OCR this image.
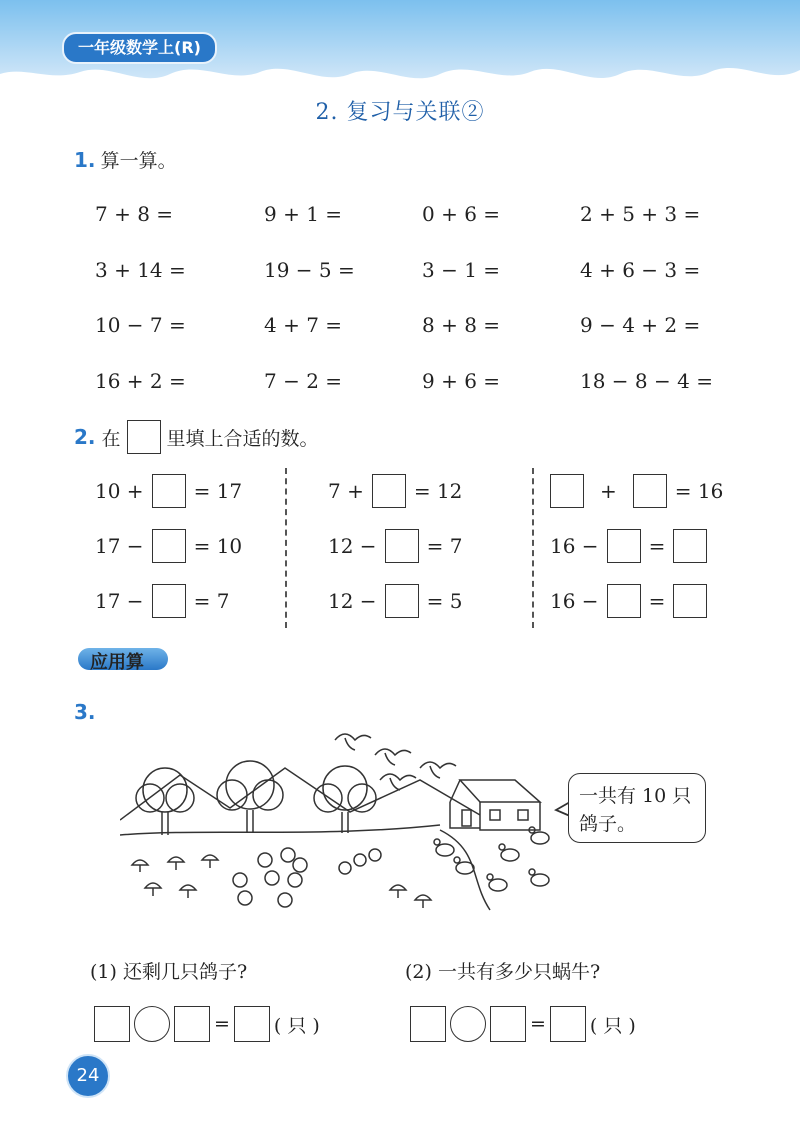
一年级数学上(R)
2. 复习与关联②
1. 算一算。
7 + 8 =	9 + 1 =	0 + 6 =	2 + 5 + 3 =
3 + 14 =	19 − 5 =	3 − 1 =	4 + 6 − 3 =
10 − 7 =	4 + 7 =	8 + 8 =	9 − 4 + 2 =
16 + 2 =	7 − 2 =	9 + 6 =	18 − 8 − 4 =
2. 在 里填上合适的数。
10 +	= 17
17 −	= 10
17 −	= 7
7 +	= 12
12 −	= 7
12 −	= 5
+	= 16
16 −	=
16 −	=
应用算
3.
一共有 10 只
鸽子。
(1) 还剩几只鸽子?	(2) 一共有多少只蜗牛?
= ( 只 )	= ( 只 )
24
